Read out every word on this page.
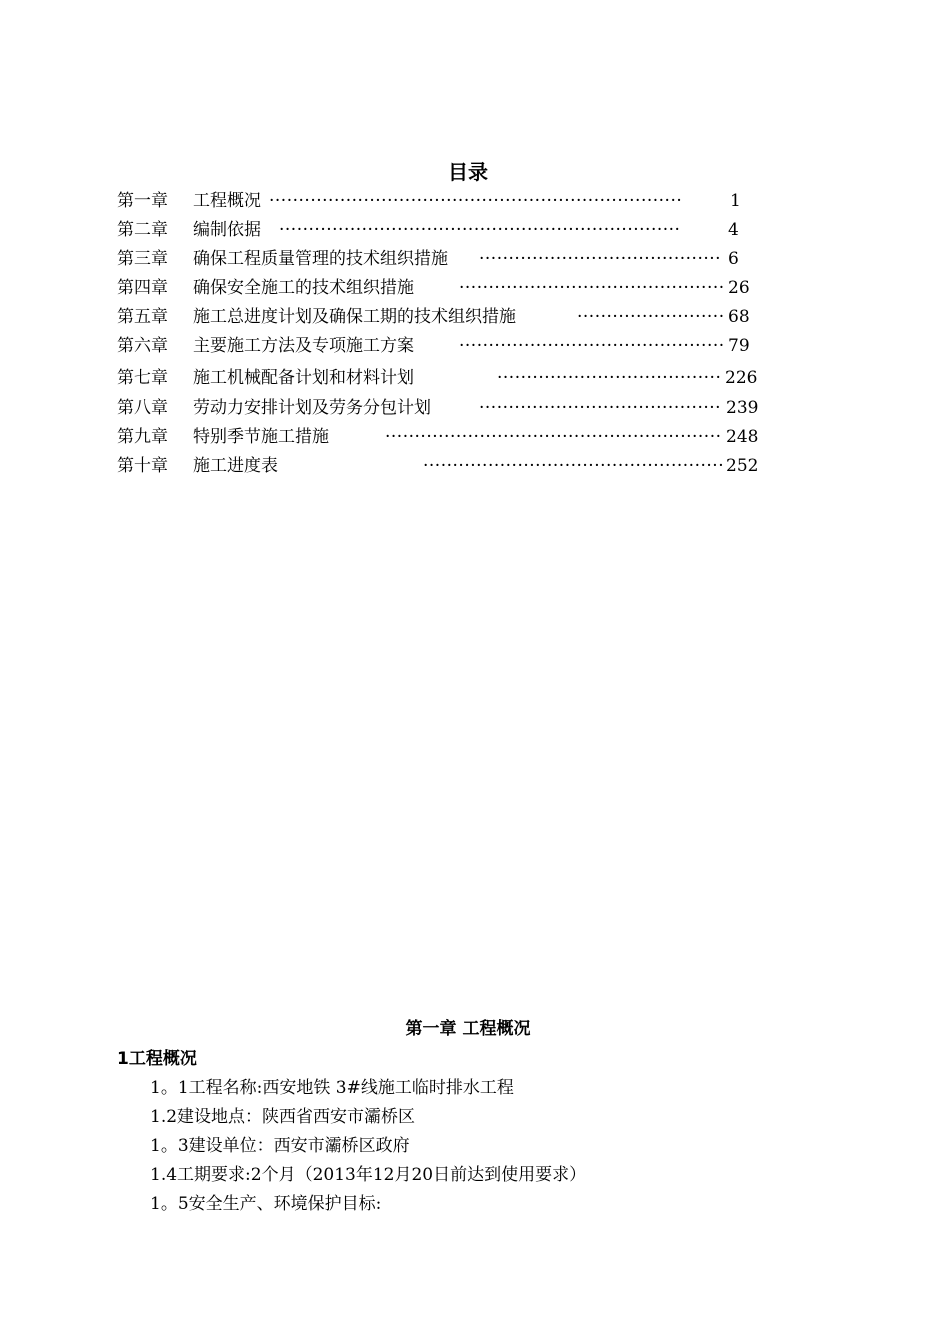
目录
第一章 工程概况 ······································································	1
第二章 编制依据 ····································································	4
第三章 确保工程质量管理的技术组织措施 ········································· 6
第四章 确保安全施工的技术组织措施	············································· 26
第五章 施工总进度计划及确保工期的技术组织措施	························· 68
第六章 主要施工方法及专项施工方案	············································· 79
第七章 施工机械配备计划和材料计划	······································ 226
第八章 劳动力安排计划及劳务分包计划	········································· 239
第九章 特别季节施工措施	························································· 248
第十章 施工进度表	··················································· 252
第一章 工程概况
1工程概况
1。1工程名称:西安地铁 3#线施工临时排水工程
1.2建设地点：陕西省西安市灞桥区
1。3建设单位：西安市灞桥区政府
1.4工期要求:2个月（2013年12月20日前达到使用要求）
1。5安全生产、环境保护目标:
